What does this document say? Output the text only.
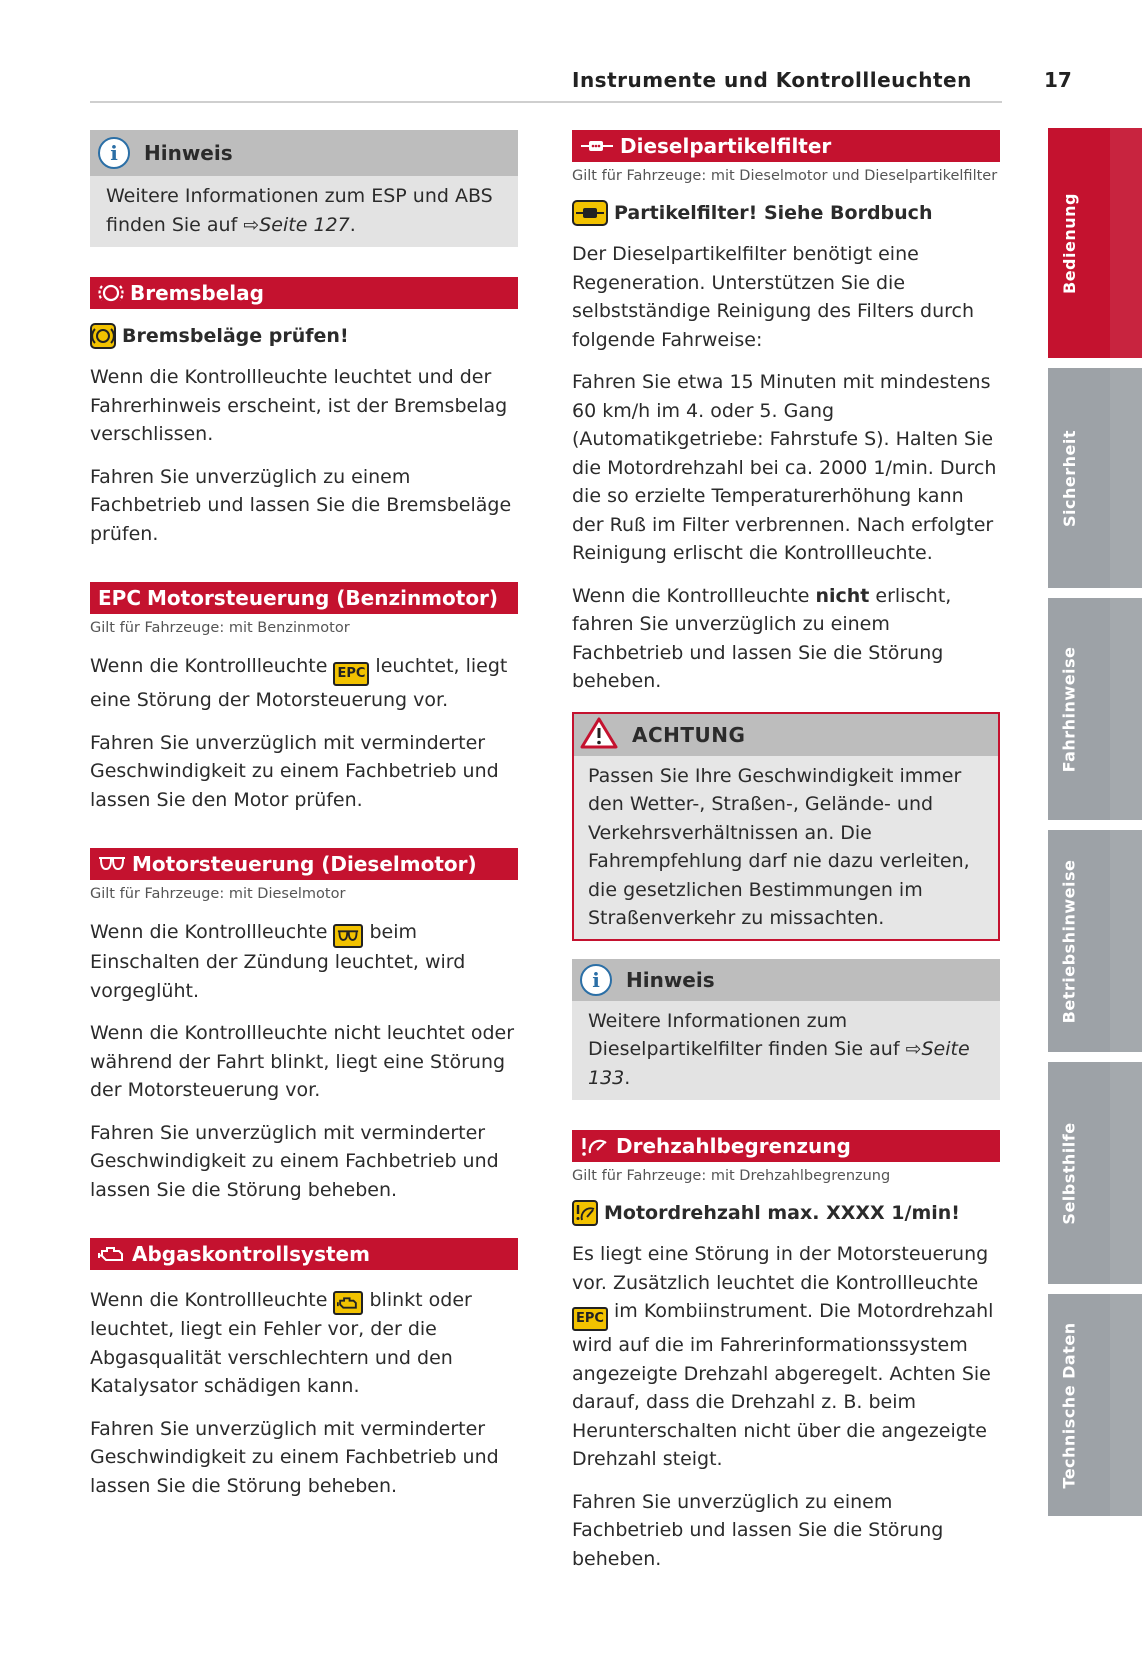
Instrumente und Kontrollleuchten	17
i	Hinweis

Weitere Informationen zum ESP und ABS finden Sie auf ⇨Seite 127.

Bremsbelag
Bremsbeläge prüfen!

Wenn die Kontrollleuchte leuchtet und der Fahrerhinweis erscheint, ist der Bremsbelag verschlissen.

Fahren Sie unverzüglich zu einem Fachbetrieb und lassen Sie die Bremsbeläge prüfen.

EPC Motorsteuerung (Benzinmotor)
Gilt für Fahrzeuge: mit Benzinmotor

Wenn die Kontrollleuchte EPC leuchtet, liegt eine Störung der Motorsteuerung vor.

Fahren Sie unverzüglich mit verminderter Geschwindigkeit zu einem Fachbetrieb und lassen Sie den Motor prüfen.

Motorsteuerung (Dieselmotor)
Gilt für Fahrzeuge: mit Dieselmotor

Wenn die Kontrollleuchte
beim Einschalten der Zündung leuchtet, wird vorgeglüht.

Wenn die Kontrollleuchte nicht leuchtet oder während der Fahrt blinkt, liegt eine Störung der Motorsteuerung vor.

Fahren Sie unverzüglich mit verminderter Geschwindigkeit zu einem Fachbetrieb und lassen Sie die Störung beheben.

Abgaskontrollsystem

Wenn die Kontrollleuchte
blinkt oder leuchtet, liegt ein Fehler vor, der die Abgasqualität verschlechtern und den Katalysator schädigen kann.

Fahren Sie unverzüglich mit verminderter Geschwindigkeit zu einem Fachbetrieb und lassen Sie die Störung beheben.

Dieselpartikelfilter
Gilt für Fahrzeuge: mit Dieselmotor und Dieselpartikelfilter
Partikelfilter! Siehe Bordbuch

Der Dieselpartikelfilter benötigt eine Regeneration. Unterstützen Sie die selbstständige Reinigung des Filters durch folgende Fahrweise:

Fahren Sie etwa 15 Minuten mit mindestens 60 km/h im 4. oder 5. Gang (Automatikgetriebe: Fahrstufe S). Halten Sie die Motordrehzahl bei ca. 2000 1/min. Durch die so erzielte Temperaturerhöhung kann der Ruß im Filter verbrennen. Nach erfolgter Reinigung erlischt die Kontrollleuchte.

Wenn die Kontrollleuchte nicht erlischt, fahren Sie unverzüglich zu einem Fachbetrieb und lassen Sie die Störung beheben.

ACHTUNG

Passen Sie Ihre Geschwindigkeit immer den Wetter-, Straßen-, Gelände- und Verkehrsverhältnissen an. Die Fahrempfehlung darf nie dazu verleiten, die gesetzlichen Bestimmungen im Straßenverkehr zu missachten.

i	Hinweis

Weitere Informationen zum Dieselpartikelfilter finden Sie auf ⇨Seite 133.

Drehzahlbegrenzung
Gilt für Fahrzeuge: mit Drehzahlbegrenzung
Motordrehzahl max. XXXX 1/min!

Es liegt eine Störung in der Motorsteuerung vor. Zusätzlich leuchtet die Kontrollleuchte EPC im Kombiinstrument. Die Motordrehzahl wird auf die im Fahrerinformationssystem angezeigte Drehzahl abgeregelt. Achten Sie darauf, dass die Drehzahl z. B. beim Herunterschalten nicht über die angezeigte Drehzahl steigt.

Fahren Sie unverzüglich zu einem Fachbetrieb und lassen Sie die Störung beheben.

Bedienung
Sicherheit
Fahrhinweise
Betriebshinweise
Selbsthilfe
Technische Daten
